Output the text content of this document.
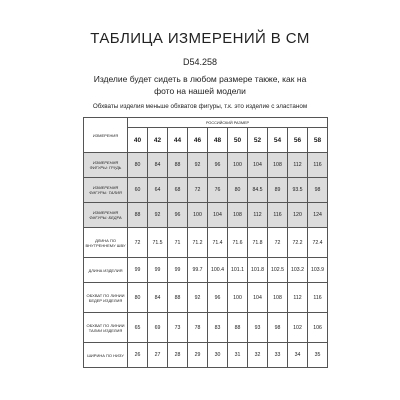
ТАБЛИЦА ИЗМЕРЕНИЙ В СМ
D54.258
Изделие будет сидеть в любом размере также, как на фото на нашей модели
Обхваты изделия меньше обхватов фигуры, т.к. это изделие с эластаном
ИЗМЕРЕНИЯ	РОССИЙСКИЙ РАЗМЕР									
	40	42	44	46	48	50	52	54	56	58
ИЗМЕРЕНИЯ ФИГУРЫ: ГРУДЬ	80	84	88	92	96	100	104	108	112	116
ИЗМЕРЕНИЯ ФИГУРЫ: ТАЛИЯ	60	64	68	72	76	80	84.5	89	93.5	98
ИЗМЕРЕНИЯ ФИГУРЫ: БЕДРА	88	92	96	100	104	108	112	116	120	124
ДЛИНА ПО ВНУТРЕННЕМУ ШВУ	72	71.5	71	71.2	71.4	71.6	71.8	72	72.2	72.4
ДЛИНА ИЗДЕЛИЯ	99	99	99	99.7	100.4	101.1	101.8	102.5	103.2	103.9
ОБХВАТ ПО ЛИНИИ БЕДЕР ИЗДЕЛИЯ	80	84	88	92	96	100	104	108	112	116
ОБХВАТ ПО ЛИНИИ ТАЛИИ ИЗДЕЛИЯ	65	69	73	78	83	88	93	98	102	106
ШИРИНА ПО НИЗУ	26	27	28	29	30	31	32	33	34	35
